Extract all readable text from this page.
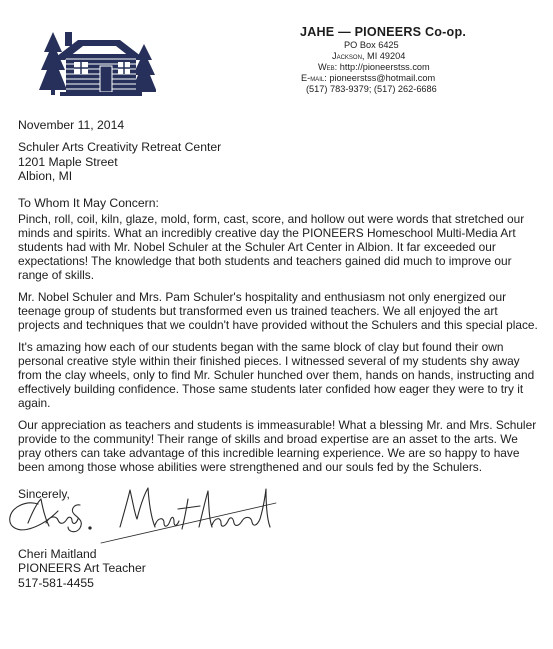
JAHE — PIONEERS Co-op.
PO Box 6425
Jackson, MI 49204
Web: http://pioneerstss.com
E-mail: pioneerstss@hotmail.com
(517) 783-9379; (517) 262-6686
November 11, 2014
Schuler Arts Creativity Retreat Center
1201 Maple Street
Albion, MI
To Whom It May Concern:

Pinch, roll, coil, kiln, glaze, mold, form, cast, score, and hollow out were words that stretched our minds and spirits. What an incredibly creative day the PIONEERS Homeschool Multi-Media Art students had with Mr. Nobel Schuler at the Schuler Art Center in Albion. It far exceeded our expectations! The knowledge that both students and teachers gained did much to improve our range of skills.

Mr. Nobel Schuler and Mrs. Pam Schuler's hospitality and enthusiasm not only energized our teenage group of students but transformed even us trained teachers. We all enjoyed the art projects and techniques that we couldn't have provided without the Schulers and this special place.

It's amazing how each of our students began with the same block of clay but found their own personal creative style within their finished pieces. I witnessed several of my students shy away from the clay wheels, only to find Mr. Schuler hunched over them, hands on hands, instructing and effectively building confidence. Those same students later confided how eager they were to try it again.

Our appreciation as teachers and students is immeasurable! What a blessing Mr. and Mrs. Schuler provide to the community! Their range of skills and broad expertise are an asset to the arts. We pray others can take advantage of this incredible learning experience. We are so happy to have been among those whose abilities were strengthened and our souls fed by the Schulers.

Sincerely,
Cheri Maitland
PIONEERS Art Teacher
517-581-4455
